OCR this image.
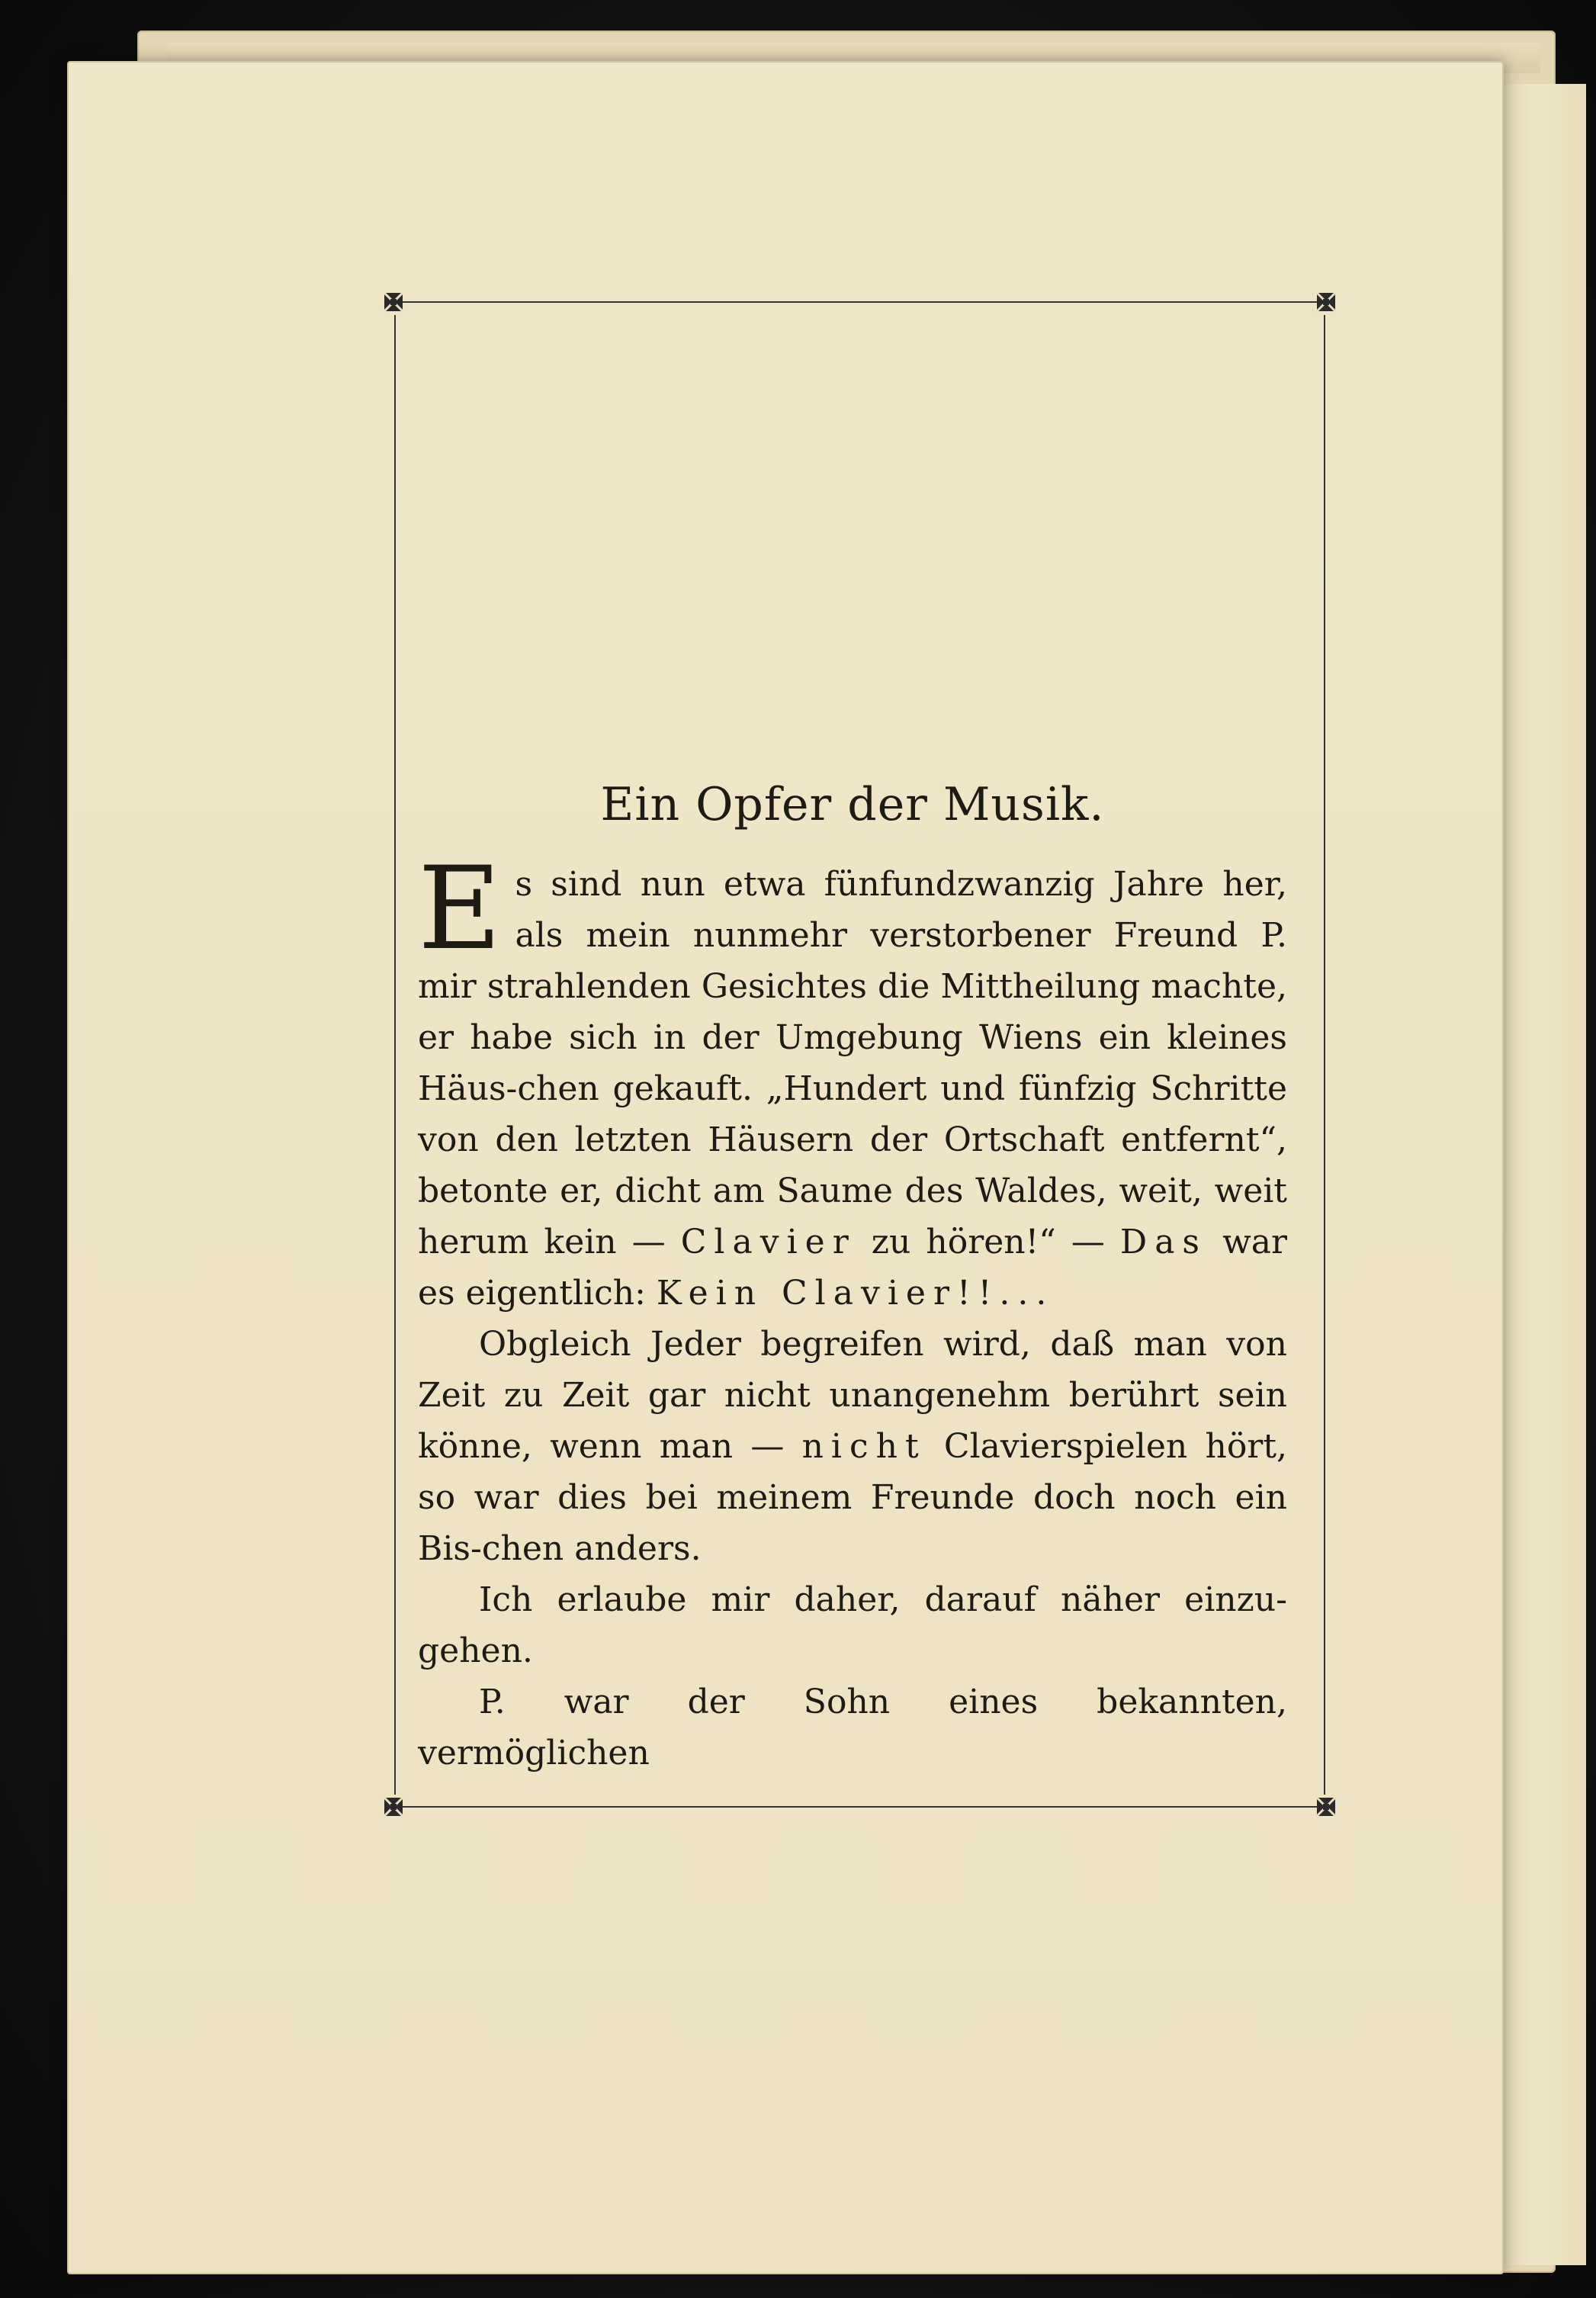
Ein Opfer der Musik.

Es sind nun etwa fünfundzwanzig Jahre her, als mein nunmehr verstorbener Freund P. mir strahlenden Gesichtes die Mittheilung machte, er habe sich in der Umgebung Wiens ein kleines Häus-chen gekauft. „Hundert und fünfzig Schritte von den letzten Häusern der Ortschaft entfernt“, betonte er, dicht am Saume des Waldes, weit, weit herum kein — Clavier zu hören!“ — Das war es eigentlich: Kein Clavier!!...

Obgleich Jeder begreifen wird, daß man von Zeit zu Zeit gar nicht unangenehm berührt sein könne, wenn man — nicht Clavierspielen hört, so war dies bei meinem Freunde doch noch ein Bis-chen anders.

Ich erlaube mir daher, darauf näher einzu-gehen.

P. war der Sohn eines bekannten, vermöglichen
